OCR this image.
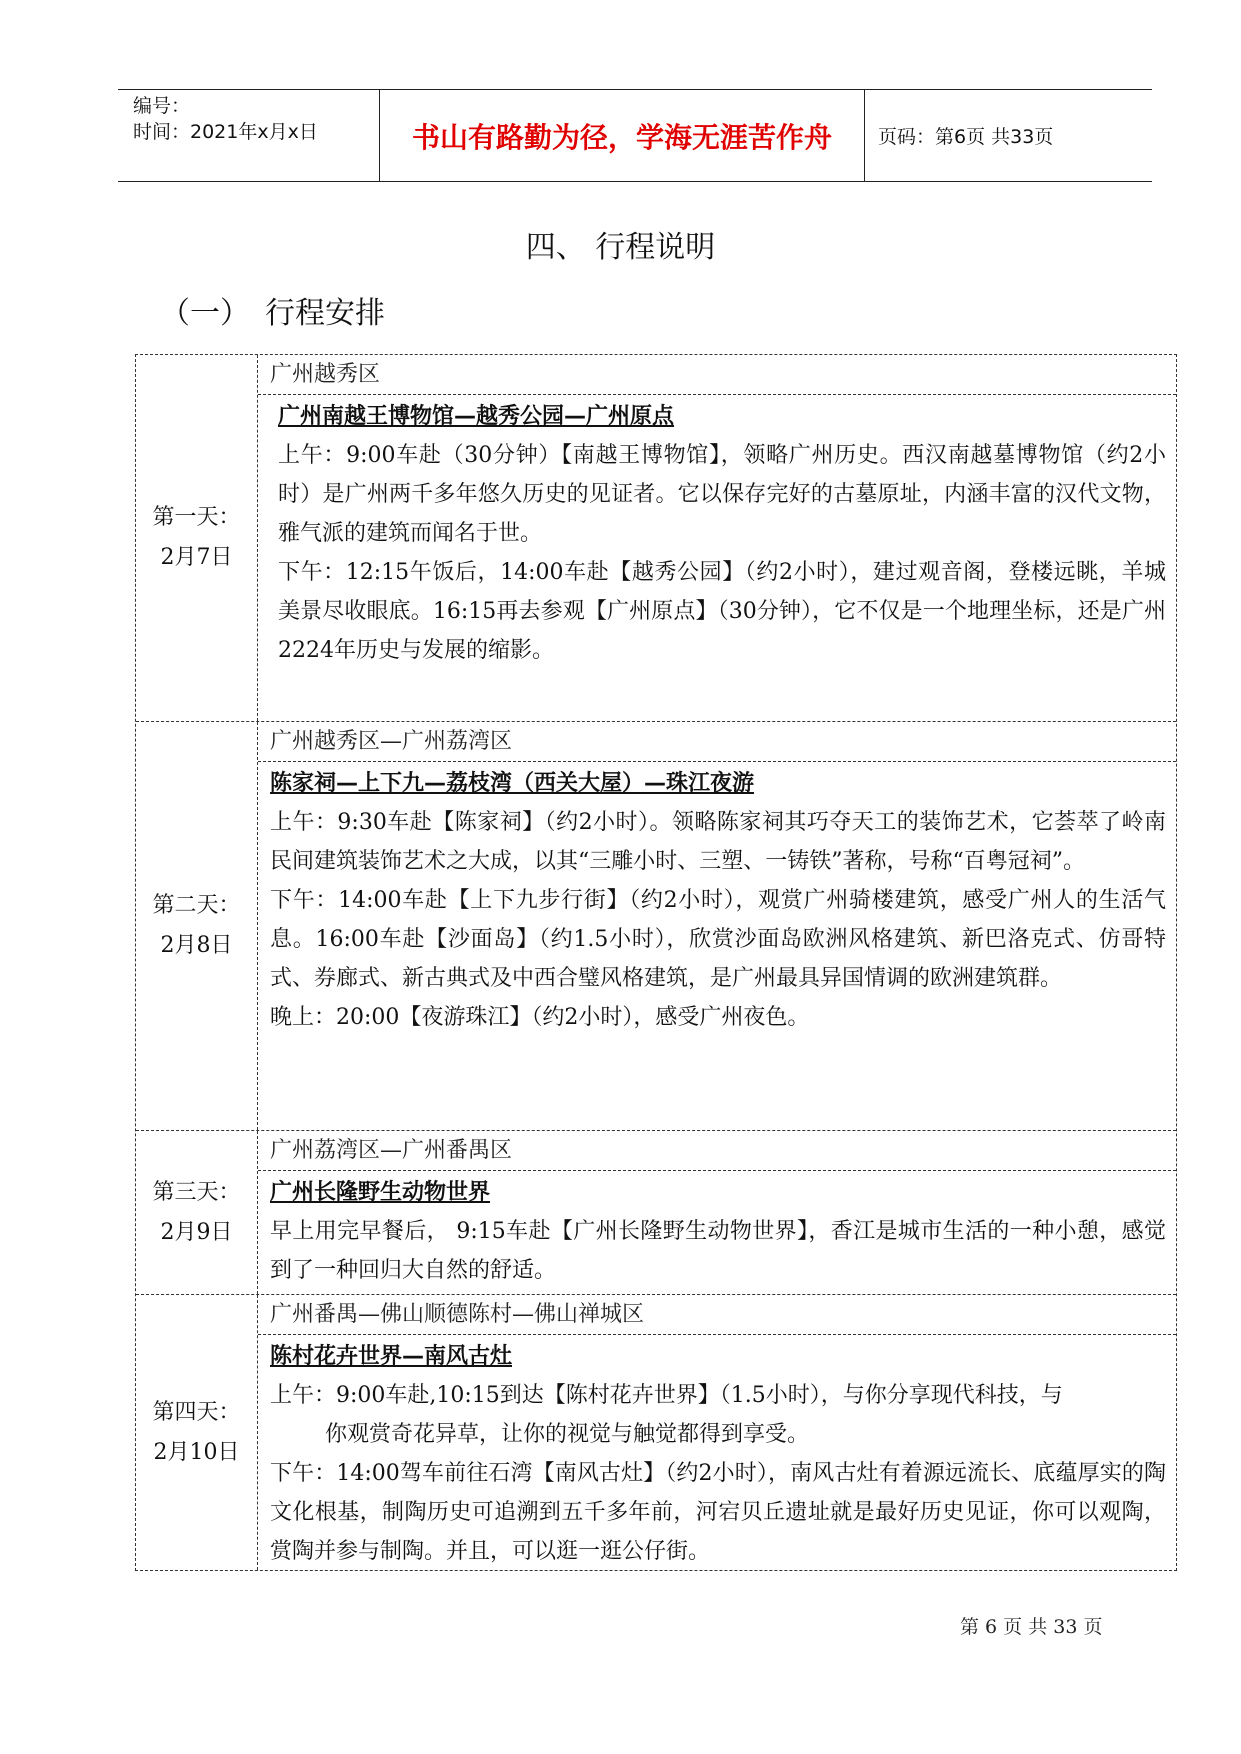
编号：
时间：2021年x月x日	书山有路勤为径，学海无涯苦作舟	页码：第6页 共33页
四、 行程说明
（一）　行程安排
第一天：
2月7日
广州越秀区
广州南越王博物馆—越秀公园—广州原点
上午：9:00车赴（30分钟）【南越王博物馆】，领略广州历史。西汉南越墓博物馆（约2小时）是广州两千多年悠久历史的见证者。它以保存完好的古墓原址，内涵丰富的汉代文物，雅气派的建筑而闻名于世。
下午：12:15午饭后，14:00车赴【越秀公园】（约2小时），建过观音阁，登楼远眺，羊城美景尽收眼底。16:15再去参观【广州原点】（30分钟），它不仅是一个地理坐标，还是广州2224年历史与发展的缩影。
第二天：
2月8日
广州越秀区—广州荔湾区
陈家祠—上下九—荔枝湾（西关大屋）—珠江夜游
上午：9:30车赴【陈家祠】（约2小时）。领略陈家祠其巧夺天工的装饰艺术，它荟萃了岭南民间建筑装饰艺术之大成，以其“三雕小时、三塑、一铸铁”著称，号称“百粤冠祠”。
下午：14:00车赴【上下九步行街】（约2小时），观赏广州骑楼建筑，感受广州人的生活气息。16:00车赴【沙面岛】（约1.5小时），欣赏沙面岛欧洲风格建筑、新巴洛克式、仿哥特式、券廊式、新古典式及中西合璧风格建筑，是广州最具异国情调的欧洲建筑群。
晚上：20:00【夜游珠江】（约2小时），感受广州夜色。
第三天：
2月9日
广州荔湾区—广州番禺区
广州长隆野生动物世界
早上用完早餐后， 9:15车赴【广州长隆野生动物世界】，香江是城市生活的一种小憩，感觉到了一种回归大自然的舒适。
第四天：
2月10日
广州番禺—佛山顺德陈村—佛山禅城区
陈村花卉世界—南风古灶
上午：9:00车赴,10:15到达【陈村花卉世界】（1.5小时），与你分享现代科技，与
你观赏奇花异草，让你的视觉与触觉都得到享受。
下午：14:00驾车前往石湾【南风古灶】（约2小时），南风古灶有着源远流长、底蕴厚实的陶文化根基，制陶历史可追溯到五千多年前，河宕贝丘遗址就是最好历史见证，你可以观陶，赏陶并参与制陶。并且，可以逛一逛公仔街。
第 6 页 共 33 页
